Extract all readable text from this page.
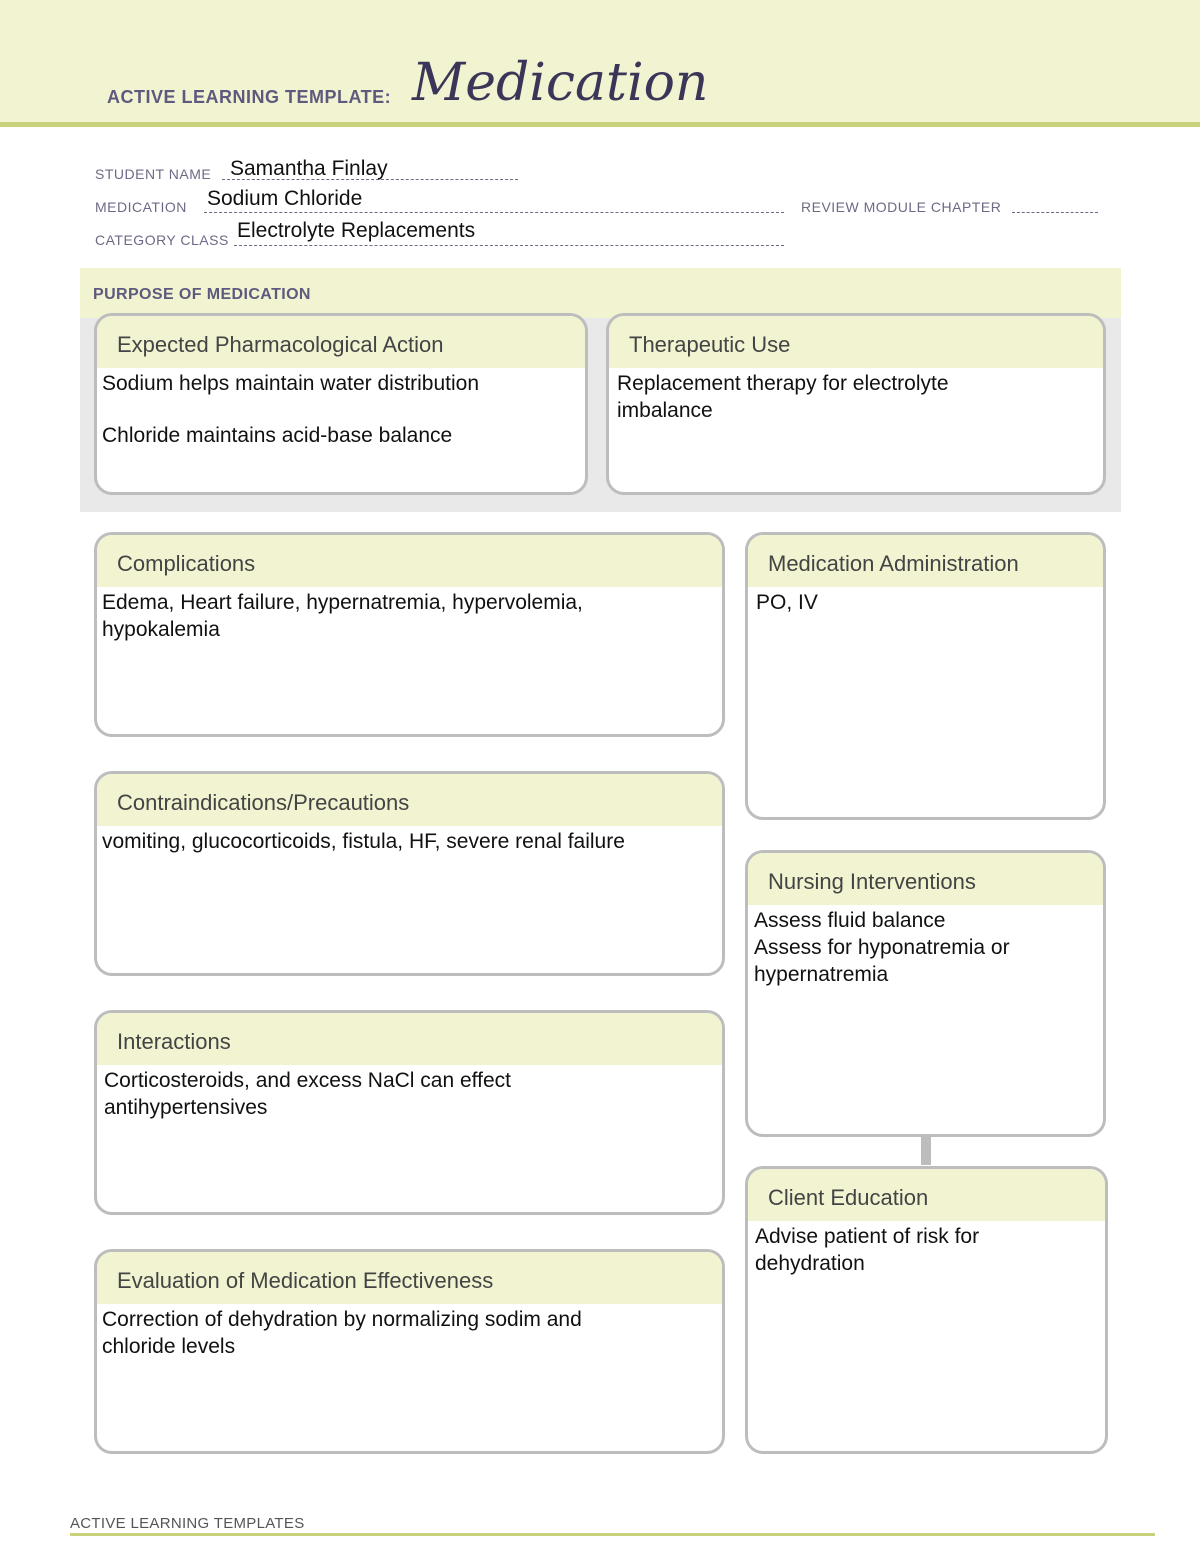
ACTIVE LEARNING TEMPLATE: Medication
STUDENT NAME Samantha Finlay
MEDICATION Sodium Chloride	REVIEW MODULE CHAPTER
CATEGORY CLASS Electrolyte Replacements
PURPOSE OF MEDICATION
Expected Pharmacological Action

Sodium helps maintain water distribution

Chloride maintains acid-base balance

Therapeutic Use

Replacement therapy for electrolyte imbalance

Complications

Edema, Heart failure, hypernatremia, hypervolemia, hypokalemia

Contraindications/Precautions

vomiting, glucocorticoids, fistula, HF, severe renal failure

Interactions

Corticosteroids, and excess NaCl can effect antihypertensives

Evaluation of Medication Effectiveness

Correction of dehydration by normalizing sodim and chloride levels

Medication Administration

PO, IV

Nursing Interventions

Assess fluid balance

Assess for hyponatremia or hypernatremia

Client Education

Advise patient of risk for dehydration

ACTIVE LEARNING TEMPLATES
